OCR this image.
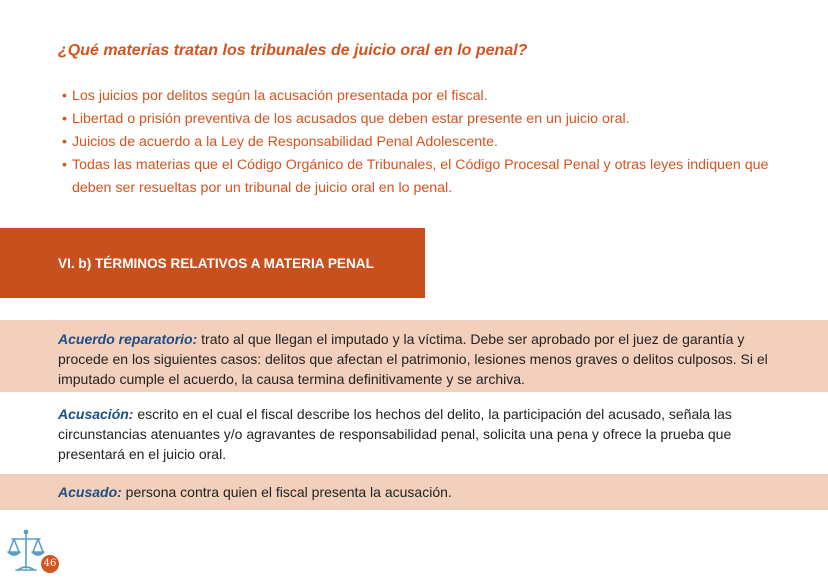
¿Qué materias tratan los tribunales de juicio oral en lo penal?
• Los juicios por delitos según la acusación presentada por el fiscal.
• Libertad o prisión preventiva de los acusados que deben estar presente en un juicio oral.
• Juicios de acuerdo a la Ley de Responsabilidad Penal Adolescente.
• Todas las materias que el Código Orgánico de Tribunales, el Código Procesal Penal y otras leyes indiquen que deben ser resueltas por un tribunal de juicio oral en lo penal.
VI. b) TÉRMINOS RELATIVOS A MATERIA PENAL
Acuerdo reparatorio: trato al que llegan el imputado y la víctima. Debe ser aprobado por el juez de garantía y procede en los siguientes casos: delitos que afectan el patrimonio, lesiones menos graves o delitos culposos. Si el imputado cumple el acuerdo, la causa termina definitivamente y se archiva.
Acusación: escrito en el cual el fiscal describe los hechos del delito, la participación del acusado, señala las circunstancias atenuantes y/o agravantes de responsabilidad penal, solicita una pena y ofrece la prueba que presentará en el juicio oral.
Acusado: persona contra quien el fiscal presenta la acusación.
46
